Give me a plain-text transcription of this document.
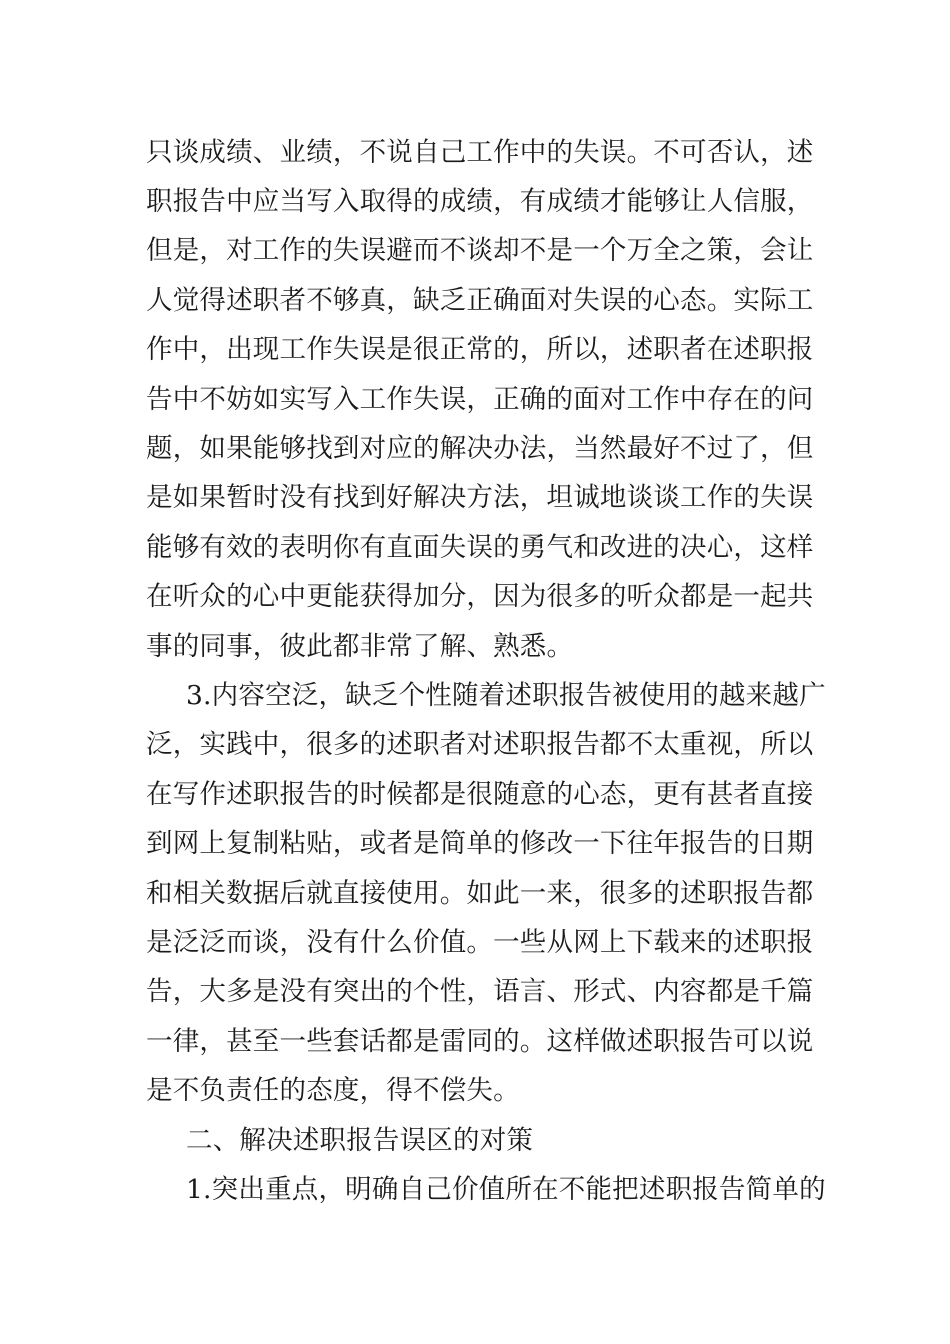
只谈成绩、业绩，不说自己工作中的失误。不可否认，述
职报告中应当写入取得的成绩，有成绩才能够让人信服，
但是，对工作的失误避而不谈却不是一个万全之策，会让
人觉得述职者不够真，缺乏正确面对失误的心态。实际工
作中，出现工作失误是很正常的，所以，述职者在述职报
告中不妨如实写入工作失误，正确的面对工作中存在的问
题，如果能够找到对应的解决办法，当然最好不过了，但
是如果暂时没有找到好解决方法，坦诚地谈谈工作的失误
能够有效的表明你有直面失误的勇气和改进的决心，这样
在听众的心中更能获得加分，因为很多的听众都是一起共
事的同事，彼此都非常了解、熟悉。
3.内容空泛，缺乏个性随着述职报告被使用的越来越广
泛，实践中，很多的述职者对述职报告都不太重视，所以
在写作述职报告的时候都是很随意的心态，更有甚者直接
到网上复制粘贴，或者是简单的修改一下往年报告的日期
和相关数据后就直接使用。如此一来，很多的述职报告都
是泛泛而谈，没有什么价值。一些从网上下载来的述职报
告，大多是没有突出的个性，语言、形式、内容都是千篇
一律，甚至一些套话都是雷同的。这样做述职报告可以说
是不负责任的态度，得不偿失。
二、解决述职报告误区的对策
1.突出重点，明确自己价值所在不能把述职报告简单的
